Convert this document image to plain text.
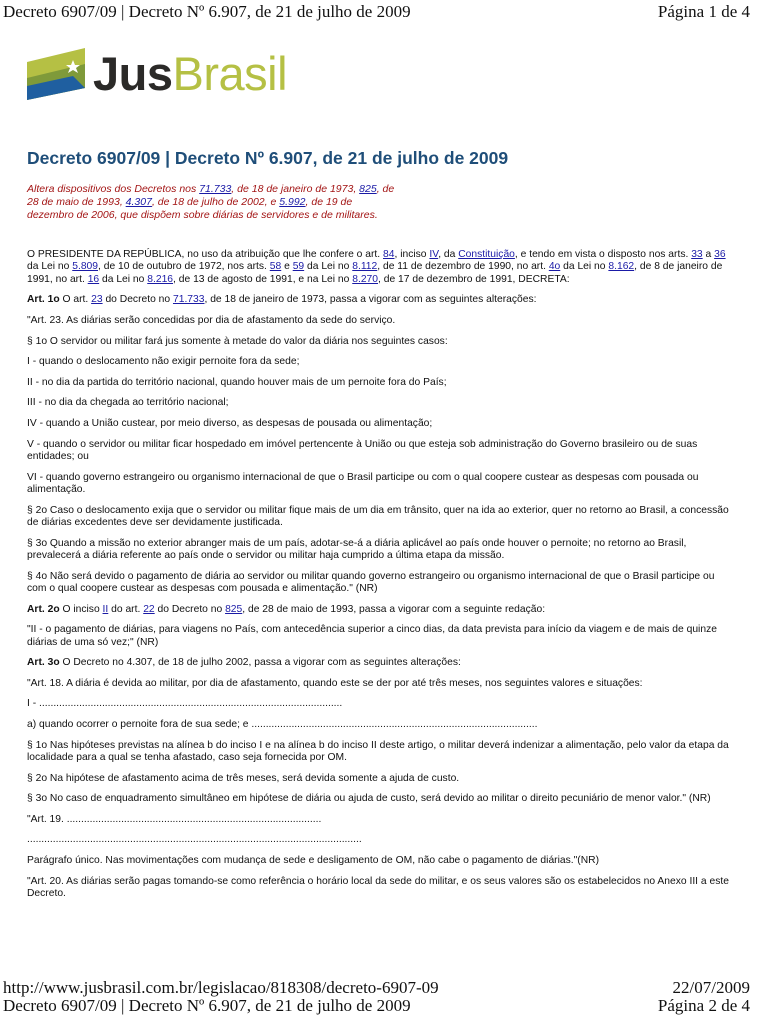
Decreto 6907/09 | Decreto Nº 6.907, de 21 de julho de 2009	Página 1 de 4
JusBrasil
Decreto 6907/09 | Decreto Nº 6.907, de 21 de julho de 2009
Altera dispositivos dos Decretos nos 71.733, de 18 de janeiro de 1973, 825, de 28 de maio de 1993, 4.307, de 18 de julho de 2002, e 5.992, de 19 de dezembro de 2006, que dispõem sobre diárias de servidores e de militares.

O PRESIDENTE DA REPÚBLICA, no uso da atribuição que lhe confere o art. 84, inciso IV, da Constituição, e tendo em vista o disposto nos arts. 33 a 36 da Lei no 5.809, de 10 de outubro de 1972, nos arts. 58 e 59 da Lei no 8.112, de 11 de dezembro de 1990, no art. 4o da Lei no 8.162, de 8 de janeiro de 1991, no art. 16 da Lei no 8.216, de 13 de agosto de 1991, e na Lei no 8.270, de 17 de dezembro de 1991, DECRETA:

Art. 1o O art. 23 do Decreto no 71.733, de 18 de janeiro de 1973, passa a vigorar com as seguintes alterações:

"Art. 23. As diárias serão concedidas por dia de afastamento da sede do serviço.

§ 1o O servidor ou militar fará jus somente à metade do valor da diária nos seguintes casos:

I - quando o deslocamento não exigir pernoite fora da sede;

II - no dia da partida do território nacional, quando houver mais de um pernoite fora do País;

III - no dia da chegada ao território nacional;

IV - quando a União custear, por meio diverso, as despesas de pousada ou alimentação;

V - quando o servidor ou militar ficar hospedado em imóvel pertencente à União ou que esteja sob administração do Governo brasileiro ou de suas entidades; ou

VI - quando governo estrangeiro ou organismo internacional de que o Brasil participe ou com o qual coopere custear as despesas com pousada ou alimentação.

§ 2o Caso o deslocamento exija que o servidor ou militar fique mais de um dia em trânsito, quer na ida ao exterior, quer no retorno ao Brasil, a concessão de diárias excedentes deve ser devidamente justificada.

§ 3o Quando a missão no exterior abranger mais de um país, adotar-se-á a diária aplicável ao país onde houver o pernoite; no retorno ao Brasil, prevalecerá a diária referente ao país onde o servidor ou militar haja cumprido a última etapa da missão.

§ 4o Não será devido o pagamento de diária ao servidor ou militar quando governo estrangeiro ou organismo internacional de que o Brasil participe ou com o qual coopere custear as despesas com pousada e alimentação." (NR)

Art. 2o O inciso II do art. 22 do Decreto no 825, de 28 de maio de 1993, passa a vigorar com a seguinte redação:

"II - o pagamento de diárias, para viagens no País, com antecedência superior a cinco dias, da data prevista para início da viagem e de mais de quinze diárias de uma só vez;" (NR)

Art. 3o O Decreto no 4.307, de 18 de julho 2002, passa a vigorar com as seguintes alterações:

"Art. 18. A diária é devida ao militar, por dia de afastamento, quando este se der por até três meses, nos seguintes valores e situações:

I - ..........................................................................................................

a) quando ocorrer o pernoite fora de sua sede; e ....................................................................................................

§ 1o Nas hipóteses previstas na alínea b do inciso I e na alínea b do inciso II deste artigo, o militar deverá indenizar a alimentação, pelo valor da etapa da localidade para a qual se tenha afastado, caso seja fornecida por OM.

§ 2o Na hipótese de afastamento acima de três meses, será devida somente a ajuda de custo.

§ 3o No caso de enquadramento simultâneo em hipótese de diária ou ajuda de custo, será devido ao militar o direito pecuniário de menor valor." (NR)

"Art. 19. .........................................................................................

.....................................................................................................................

Parágrafo único. Nas movimentações com mudança de sede e desligamento de OM, não cabe o pagamento de diárias."(NR)

"Art. 20. As diárias serão pagas tomando-se como referência o horário local da sede do militar, e os seus valores são os estabelecidos no Anexo III a este Decreto.

http://www.jusbrasil.com.br/legislacao/818308/decreto-6907-09	22/07/2009
Decreto 6907/09 | Decreto Nº 6.907, de 21 de julho de 2009	Página 2 de 4
